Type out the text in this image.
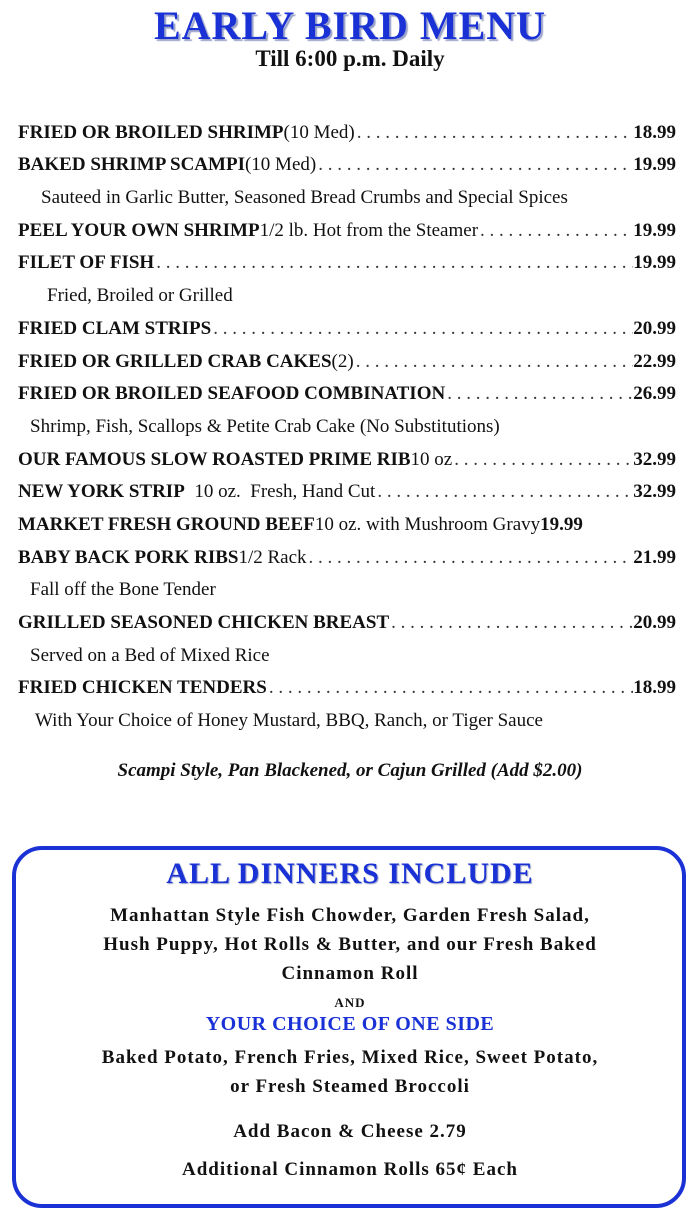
EARLY BIRD MENU
Till 6:00 p.m. Daily
FRIED OR BROILED SHRIMP (10 Med) . . .	18.99
BAKED SHRIMP SCAMPI (10 Med) . . .	19.99
Sauteed in Garlic Butter, Seasoned Bread Crumbs and Special Spices
PEEL YOUR OWN SHRIMP 1/2 lb. Hot from the Steamer . . .	19.99
FILET OF FISH . . .	19.99
Fried, Broiled or Grilled
FRIED CLAM STRIPS . . .	20.99
FRIED OR GRILLED CRAB CAKES (2) . . .	22.99
FRIED OR BROILED SEAFOOD COMBINATION . . .	26.99
Shrimp, Fish, Scallops & Petite Crab Cake (No Substitutions)
OUR FAMOUS SLOW ROASTED PRIME RIB 10 oz . . .	32.99
NEW YORK STRIP 10 oz.  Fresh, Hand Cut . . .	32.99
MARKET FRESH GROUND BEEF 10 oz. with Mushroom Gravy 19.99
BABY BACK PORK RIBS 1/2 Rack . . .	21.99
Fall off the Bone Tender
GRILLED SEASONED CHICKEN BREAST . . .	20.99
Served on a Bed of Mixed Rice
FRIED CHICKEN TENDERS . . .	18.99
With Your Choice of Honey Mustard, BBQ, Ranch, or Tiger Sauce
Scampi Style, Pan Blackened, or Cajun Grilled (Add $2.00)
ALL DINNERS INCLUDE
Manhattan Style Fish Chowder, Garden Fresh Salad,
Hush Puppy, Hot Rolls & Butter, and our Fresh Baked
Cinnamon Roll
AND
YOUR CHOICE OF ONE SIDE
Baked Potato, French Fries, Mixed Rice, Sweet Potato,
or Fresh Steamed Broccoli
Add Bacon & Cheese 2.79
Additional Cinnamon Rolls 65¢ Each
